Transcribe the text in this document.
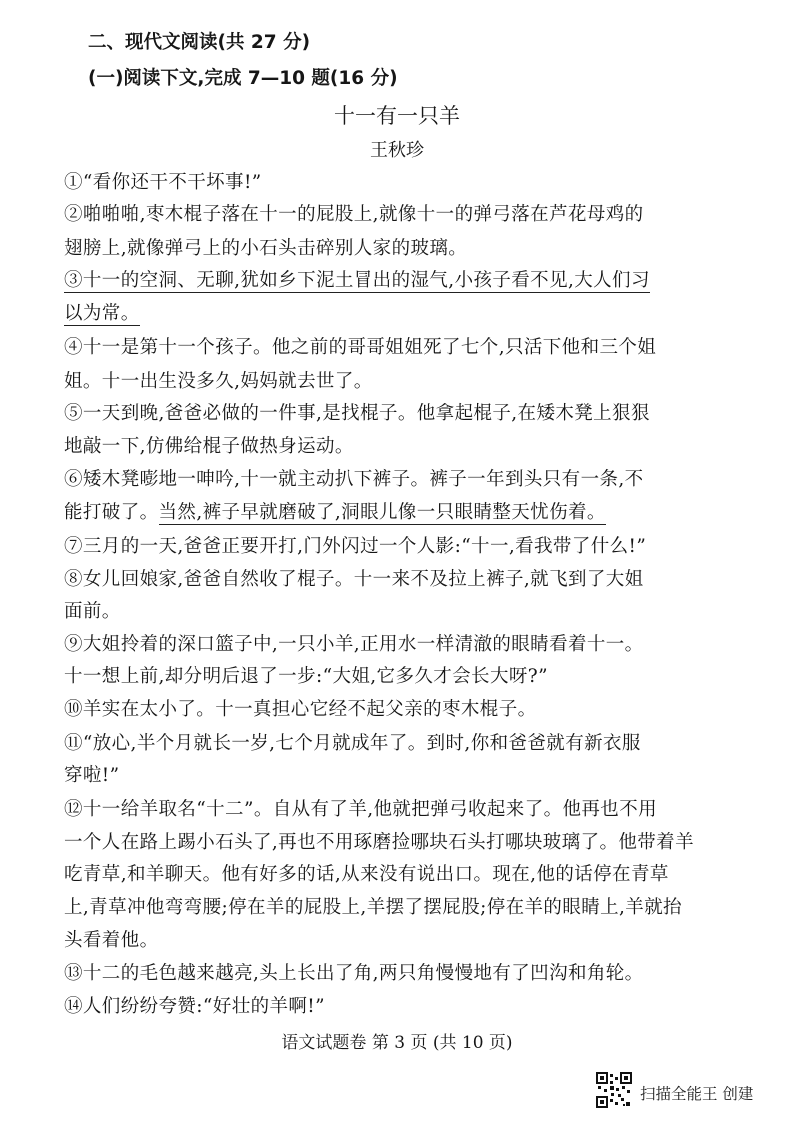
二、现代文阅读(共 27 分)
(一)阅读下文,完成 7—10 题(16 分)
十一有一只羊
王秋珍
①“看你还干不干坏事!”
②啪啪啪,枣木棍子落在十一的屁股上,就像十一的弹弓落在芦花母鸡的
翅膀上,就像弹弓上的小石头击碎别人家的玻璃。
③十一的空洞、无聊,犹如乡下泥土冒出的湿气,小孩子看不见,大人们习
以为常。
④十一是第十一个孩子。他之前的哥哥姐姐死了七个,只活下他和三个姐
姐。十一出生没多久,妈妈就去世了。
⑤一天到晚,爸爸必做的一件事,是找棍子。他拿起棍子,在矮木凳上狠狠
地敲一下,仿佛给棍子做热身运动。
⑥矮木凳嘭地一呻吟,十一就主动扒下裤子。裤子一年到头只有一条,不
能打破了。当然,裤子早就磨破了,洞眼儿像一只眼睛整天忧伤着。
⑦三月的一天,爸爸正要开打,门外闪过一个人影:“十一,看我带了什么!”
⑧女儿回娘家,爸爸自然收了棍子。十一来不及拉上裤子,就飞到了大姐
面前。
⑨大姐拎着的深口篮子中,一只小羊,正用水一样清澈的眼睛看着十一。
十一想上前,却分明后退了一步:“大姐,它多久才会长大呀?”
⑩羊实在太小了。十一真担心它经不起父亲的枣木棍子。
⑪“放心,半个月就长一岁,七个月就成年了。到时,你和爸爸就有新衣服
穿啦!”
⑫十一给羊取名“十二”。自从有了羊,他就把弹弓收起来了。他再也不用
一个人在路上踢小石头了,再也不用琢磨捡哪块石头打哪块玻璃了。他带着羊
吃青草,和羊聊天。他有好多的话,从来没有说出口。现在,他的话停在青草
上,青草冲他弯弯腰;停在羊的屁股上,羊摆了摆屁股;停在羊的眼睛上,羊就抬
头看着他。
⑬十二的毛色越来越亮,头上长出了角,两只角慢慢地有了凹沟和角轮。
⑭人们纷纷夸赞:“好壮的羊啊!”
语文试题卷 第 3 页 (共 10 页)
扫描全能王 创建
